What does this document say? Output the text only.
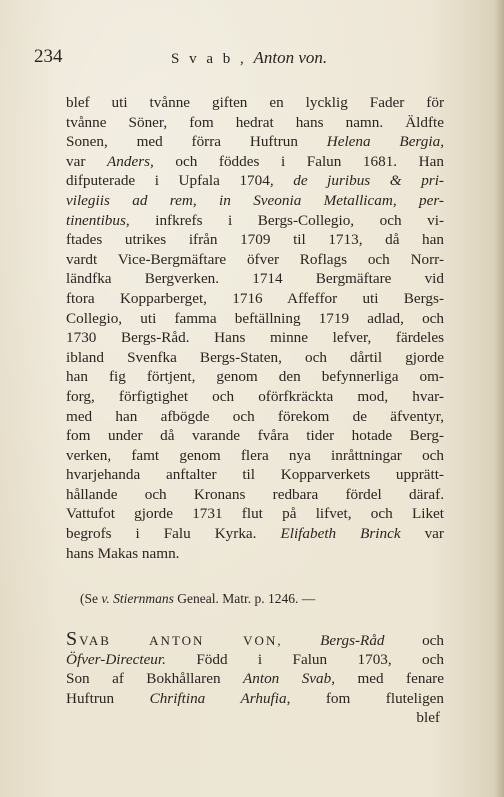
234	S v a b , Anton von.
blef uti tvånne giften en lycklig Fader för
tvånne Söner, fom hedrat hans namn. Äldfte
Sonen, med förra Huftrun Helena Bergia,
var Anders, och föddes i Falun 1681. Han
difputerade i Upfala 1704, de juribus & pri-
vilegiis ad rem, in Sveonia Metallicam, per-
tinentibus, infkrefs i Bergs-Collegio, och vi-
ftades utrikes ifrån 1709 til 1713, då han
vardt Vice-Bergmäftare öfver Roflags och Norr-
ländfka Bergverken. 1714 Bergmäftare vid
ftora Kopparberget, 1716 Affeffor uti Bergs-
Collegio, uti famma beftällning 1719 adlad, och
1730 Bergs-Råd. Hans minne lefver, färdeles
ibland Svenfka Bergs-Staten, och dårtil gjorde
han fig förtjent, genom den befynnerliga om-
forg, förfigtighet och oförfkräckta mod, hvar-
med han afbögde och förekom de äfventyr,
fom under då varande fvåra tider hotade Berg-
verken, famt genom flera nya inråttningar och
hvarjehanda anftalter til Kopparverkets upprätt-
hållande och Kronans redbara fördel däraf.
Vattufot gjorde 1731 flut på lifvet, och Liket
begrofs i Falu Kyrka. Elifabeth Brinck var
hans Makas namn.
(Se v. Stiernmans Geneal. Matr. p. 1246. —
SVAB ANTON VON, Bergs-Råd och
Öfver-Directeur. Född i Falun 1703, och
Son af Bokhållaren Anton Svab, med fenare
Huftrun Chriftina Arhufia, fom fluteligen
blef
